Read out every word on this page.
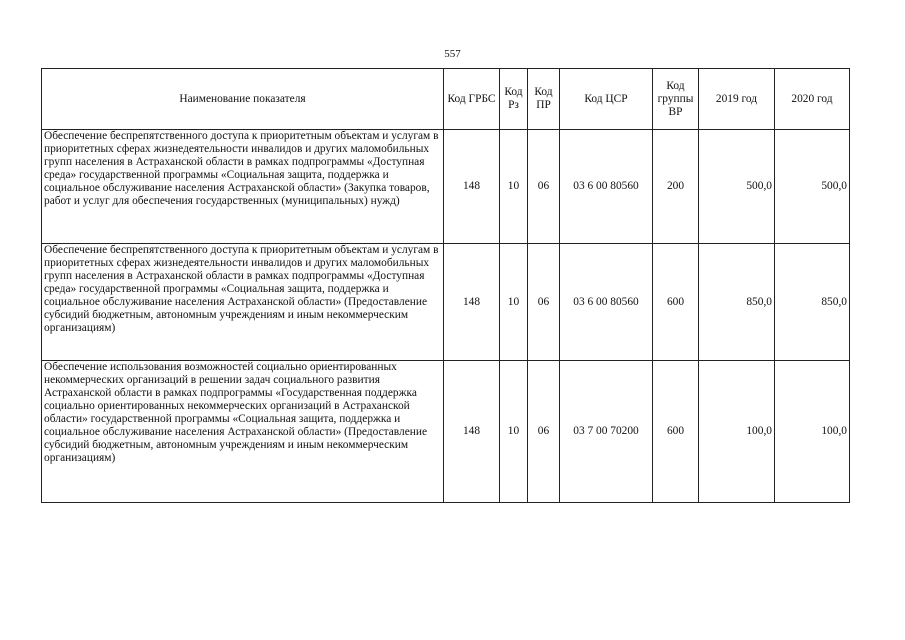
557
Наименование показателя	Код ГРБС	Код Рз	Код ПР	Код ЦСР	Код группы ВР	2019 год	2020 год
Обеспечение беспрепятственного доступа к приоритетным объектам и услугам в приоритетных сферах жизнедеятельности инвалидов и других маломобильных групп населения в Астраханской области в рамках подпрограммы «Доступная среда» государственной программы «Социальная защита, поддержка и социальное обслуживание населения Астраханской области» (Закупка товаров, работ и услуг для обеспечения государственных (муниципальных) нужд)	148	10	06	03 6 00 80560	200	500,0	500,0
Обеспечение беспрепятственного доступа к приоритетным объектам и услугам в приоритетных сферах жизнедеятельности инвалидов и других маломобильных групп населения в Астраханской области в рамках подпрограммы «Доступная среда» государственной программы «Социальная защита, поддержка и социальное обслуживание населения Астраханской области» (Предоставление субсидий бюджетным, автономным учреждениям и иным некоммерческим организациям)	148	10	06	03 6 00 80560	600	850,0	850,0
Обеспечение использования возможностей социально ориентированных некоммерческих организаций в решении задач социального развития Астраханской области в рамках подпрограммы «Государственная поддержка социально ориентированных некоммерческих организаций в Астраханской области» государственной программы «Социальная защита, поддержка и социальное обслуживание населения Астраханской области» (Предоставление субсидий бюджетным, автономным учреждениям и иным некоммерческим организациям)	148	10	06	03 7 00 70200	600	100,0	100,0
